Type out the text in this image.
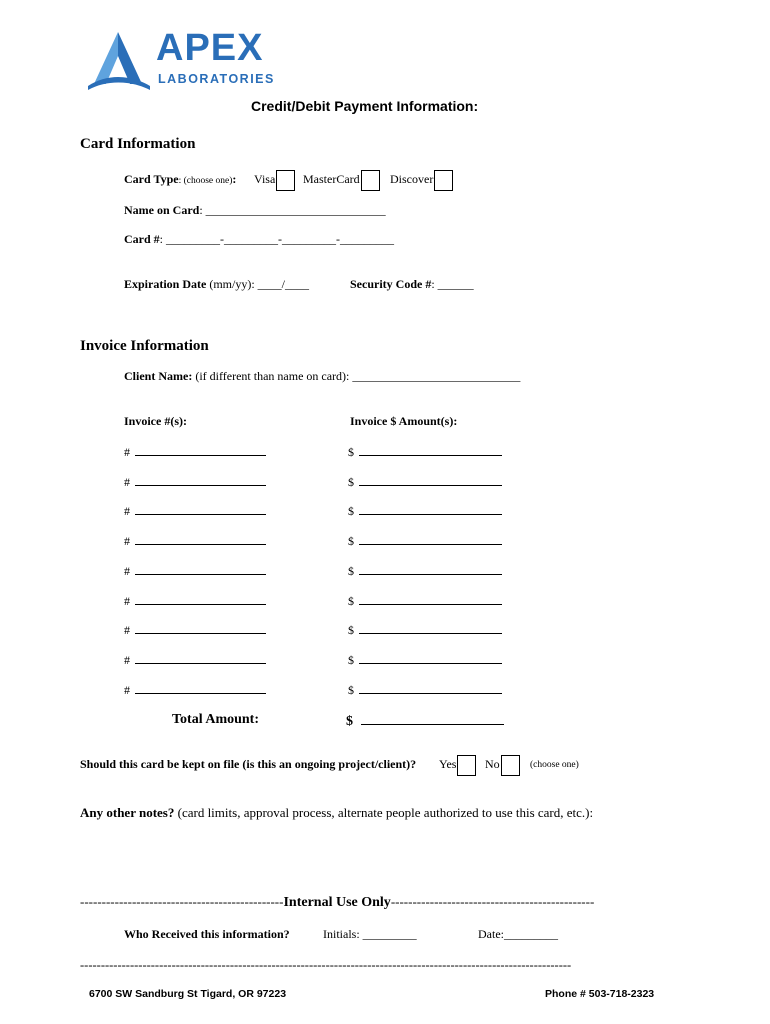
APEX
LABORATORIES
Credit/Debit Payment Information:
Card Information
Card Type: (choose one): Visa	MasterCard	Discover
Name on Card: ______________________________
Card #: _________-_________-_________-_________
Expiration Date (mm/yy): ____/____	Security Code #: ______
Invoice Information
Client Name: (if different than name on card): ____________________________
Invoice #(s):	Invoice $ Amount(s):
#	$
#	$
#	$
#	$
#	$
#	$
#	$
#	$
#	$
Total Amount:	$
Should this card be kept on file (is this an ongoing project/client)? Yes	No	(choose one)
Any other notes? (card limits, approval process, alternate people authorized to use this card, etc.):
-----------------------------------------------Internal Use Only-----------------------------------------------
Who Received this information?	Initials: _________	Date:_________
----------------------------------------------------------------------------------------------------------------------
6700 SW Sandburg St Tigard, OR 97223	Phone # 503-718-2323
